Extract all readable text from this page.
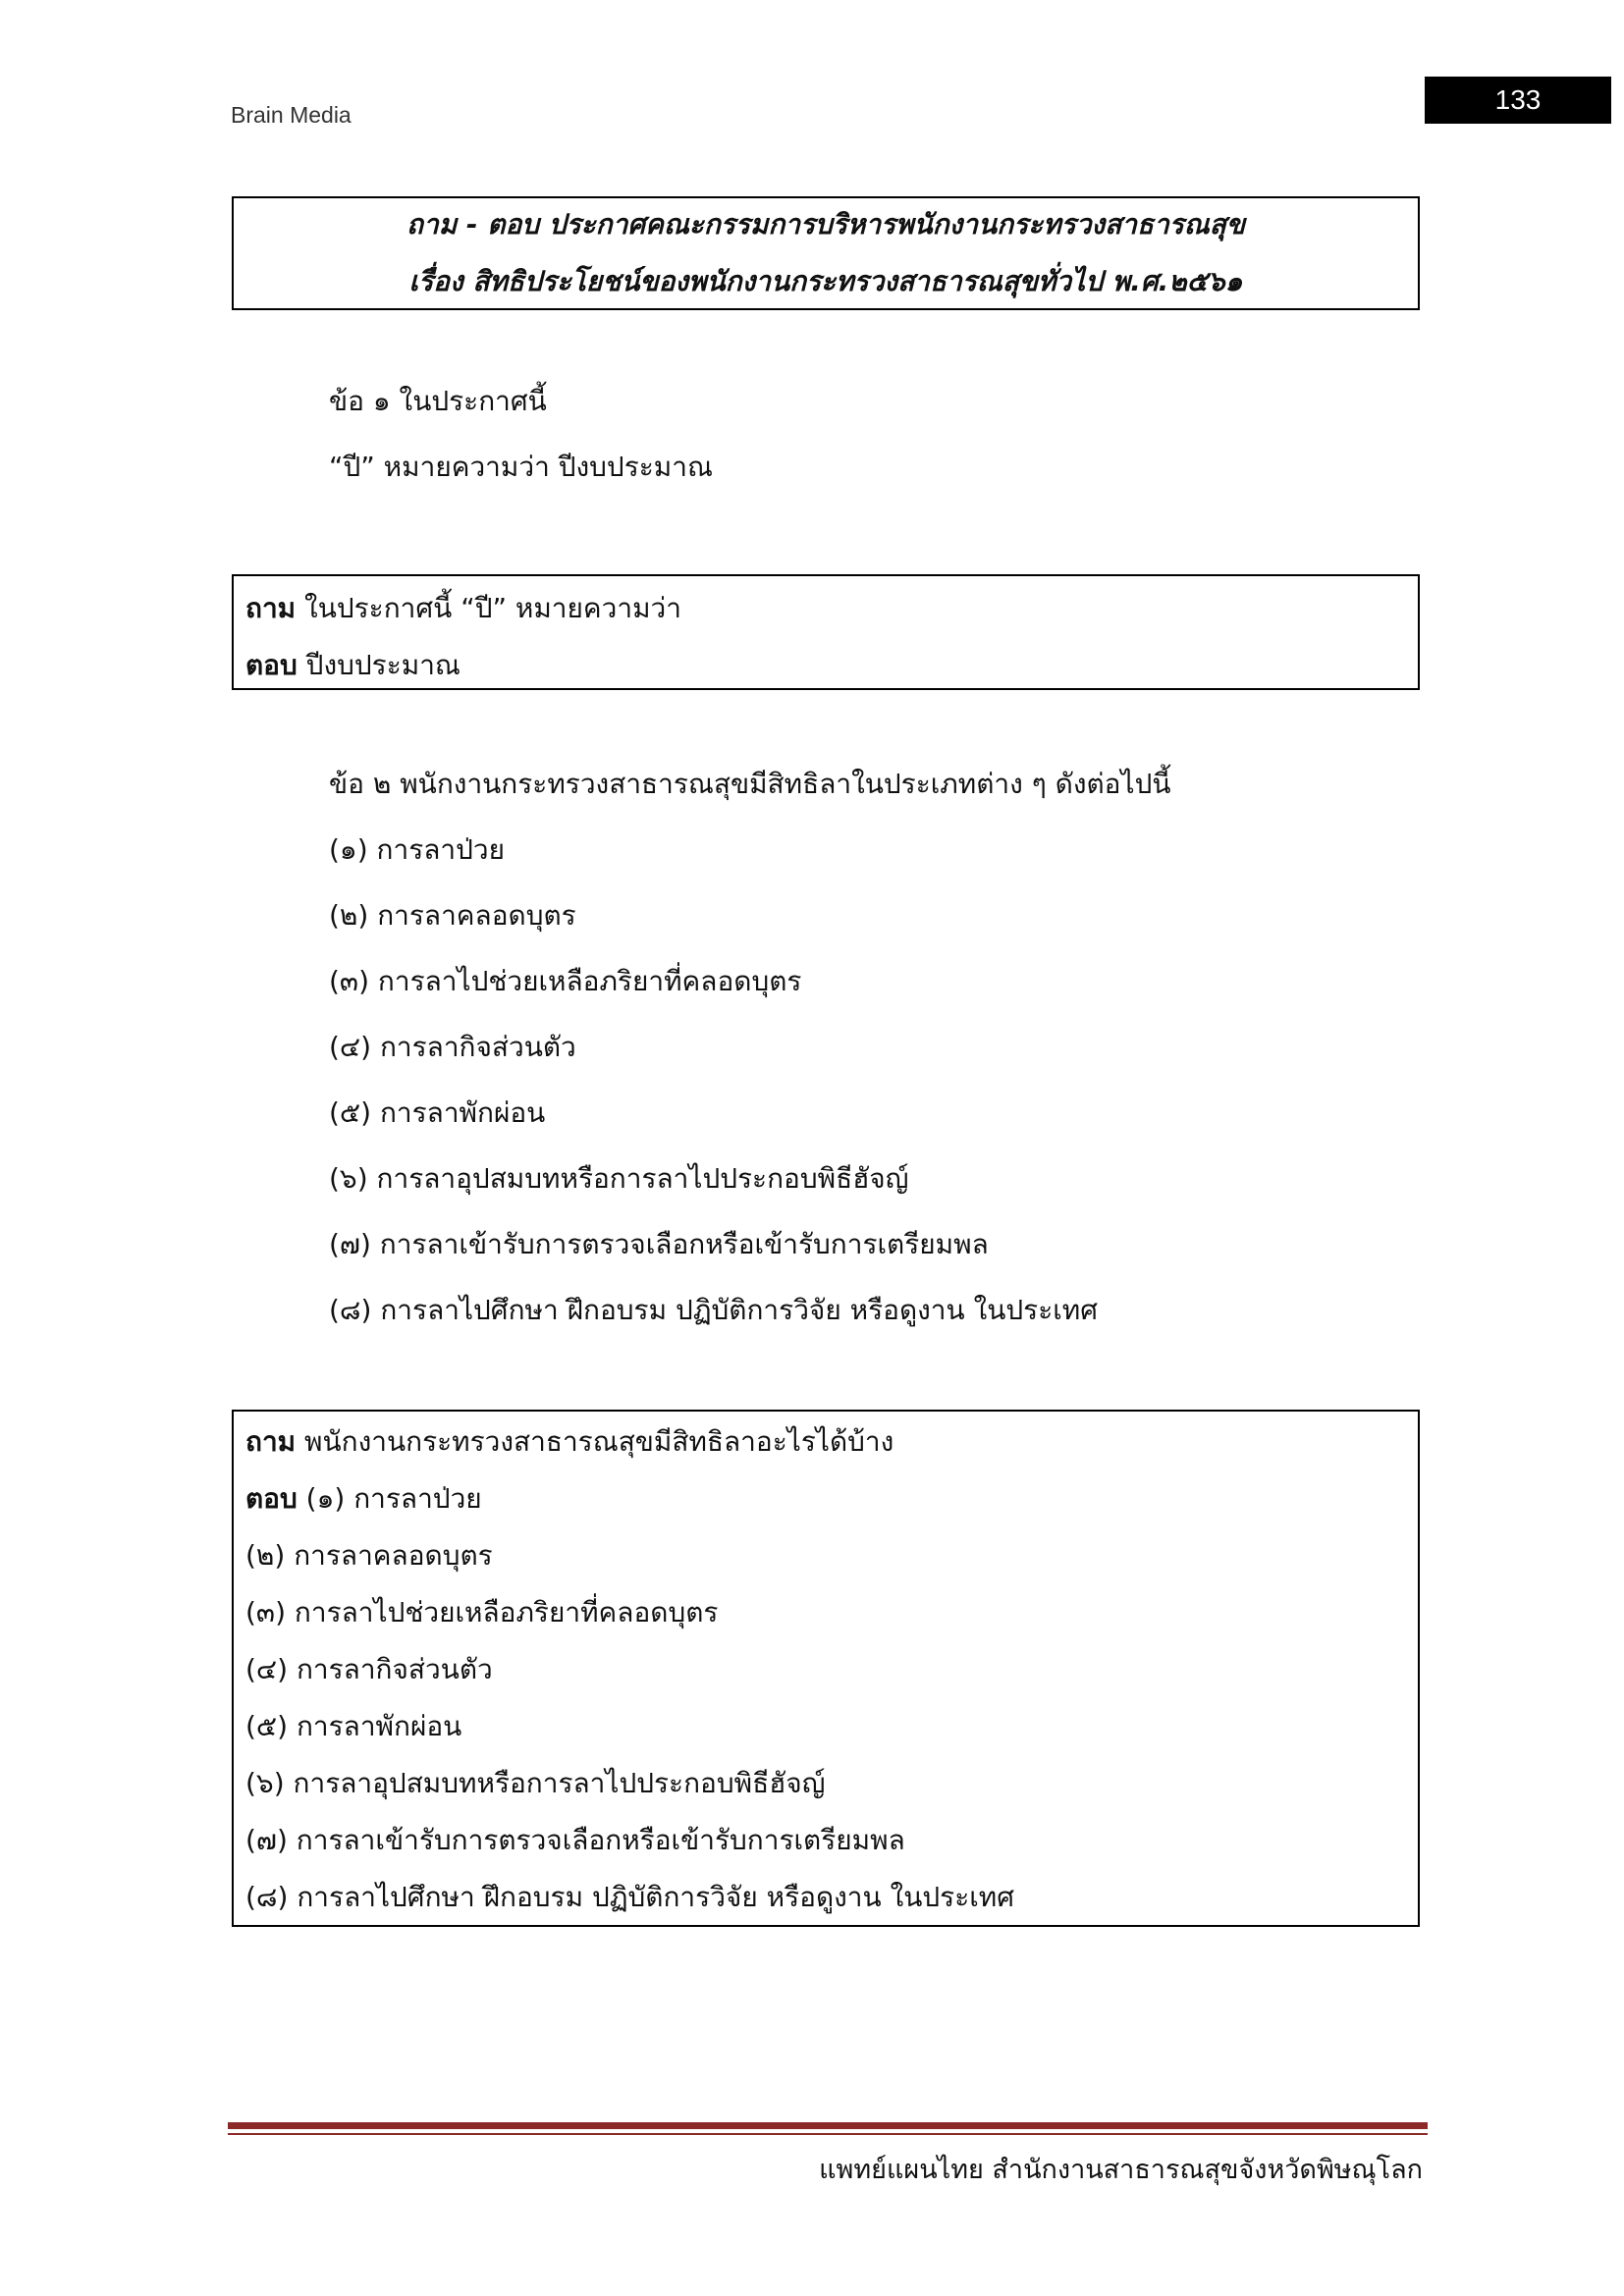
Brain Media	133
ถาม - ตอบ ประกาศคณะกรรมการบริหารพนักงานกระทรวงสาธารณสุข
เรื่อง สิทธิประโยชน์ของพนักงานกระทรวงสาธารณสุขทั่วไป พ.ศ.๒๕๖๑
ข้อ ๑ ในประกาศนี้
“ปี” หมายความว่า ปีงบประมาณ
ถาม ในประกาศนี้ “ปี” หมายความว่า
ตอบ ปีงบประมาณ
ข้อ ๒ พนักงานกระทรวงสาธารณสุขมีสิทธิลาในประเภทต่าง ๆ ดังต่อไปนี้
(๑) การลาป่วย
(๒) การลาคลอดบุตร
(๓) การลาไปช่วยเหลือภริยาที่คลอดบุตร
(๔) การลากิจส่วนตัว
(๕) การลาพักผ่อน
(๖) การลาอุปสมบทหรือการลาไปประกอบพิธีฮัจญ์
(๗) การลาเข้ารับการตรวจเลือกหรือเข้ารับการเตรียมพล
(๘) การลาไปศึกษา ฝึกอบรม ปฏิบัติการวิจัย หรือดูงาน ในประเทศ
ถาม พนักงานกระทรวงสาธารณสุขมีสิทธิลาอะไรได้บ้าง
ตอบ (๑) การลาป่วย
(๒) การลาคลอดบุตร
(๓) การลาไปช่วยเหลือภริยาที่คลอดบุตร
(๔) การลากิจส่วนตัว
(๕) การลาพักผ่อน
(๖) การลาอุปสมบทหรือการลาไปประกอบพิธีฮัจญ์
(๗) การลาเข้ารับการตรวจเลือกหรือเข้ารับการเตรียมพล
(๘) การลาไปศึกษา ฝึกอบรม ปฏิบัติการวิจัย หรือดูงาน ในประเทศ
แพทย์แผนไทย สำนักงานสาธารณสุขจังหวัดพิษณุโลก
